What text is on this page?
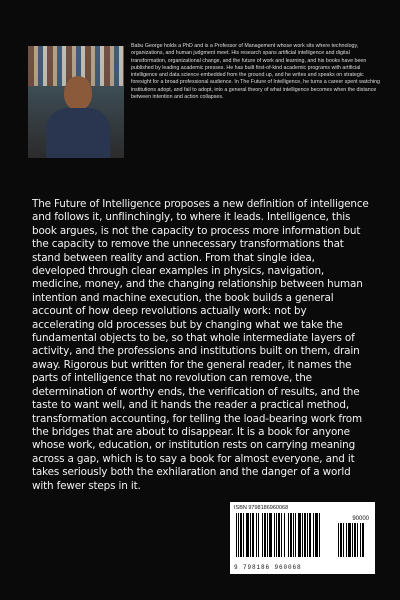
Babu George holds a PhD and is a Professor of Management whose work sits where technology, organizations, and human judgment meet. His research spans artificial intelligence and digital transformation, organizational change, and the future of work and learning, and his books have been published by leading academic presses. He has built first-of-kind academic programs with artificial intelligence and data science embedded from the ground up, and he writes and speaks on strategic foresight for a broad professional audience. In The Future of Intelligence, he turns a career spent watching institutions adopt, and fail to adopt, into a general theory of what intelligence becomes when the distance between intention and action collapses.
The Future of Intelligence proposes a new definition of intelligence and follows it, unflinchingly, to where it leads. Intelligence, this book argues, is not the capacity to process more information but the capacity to remove the unnecessary transformations that stand between reality and action. From that single idea, developed through clear examples in physics, navigation, medicine, money, and the changing relationship between human intention and machine execution, the book builds a general account of how deep revolutions actually work: not by accelerating old processes but by changing what we take the fundamental objects to be, so that whole intermediate layers of activity, and the professions and institutions built on them, drain away. Rigorous but written for the general reader, it names the parts of intelligence that no revolution can remove, the determination of worthy ends, the verification of results, and the taste to want well, and it hands the reader a practical method, transformation accounting, for telling the load-bearing work from the bridges that are about to disappear. It is a book for anyone whose work, education, or institution rests on carrying meaning across a gap, which is to say a book for almost everyone, and it takes seriously both the exhilaration and the danger of a world with fewer steps in it.
ISBN 9798186960068
90000
9 798186 960068
